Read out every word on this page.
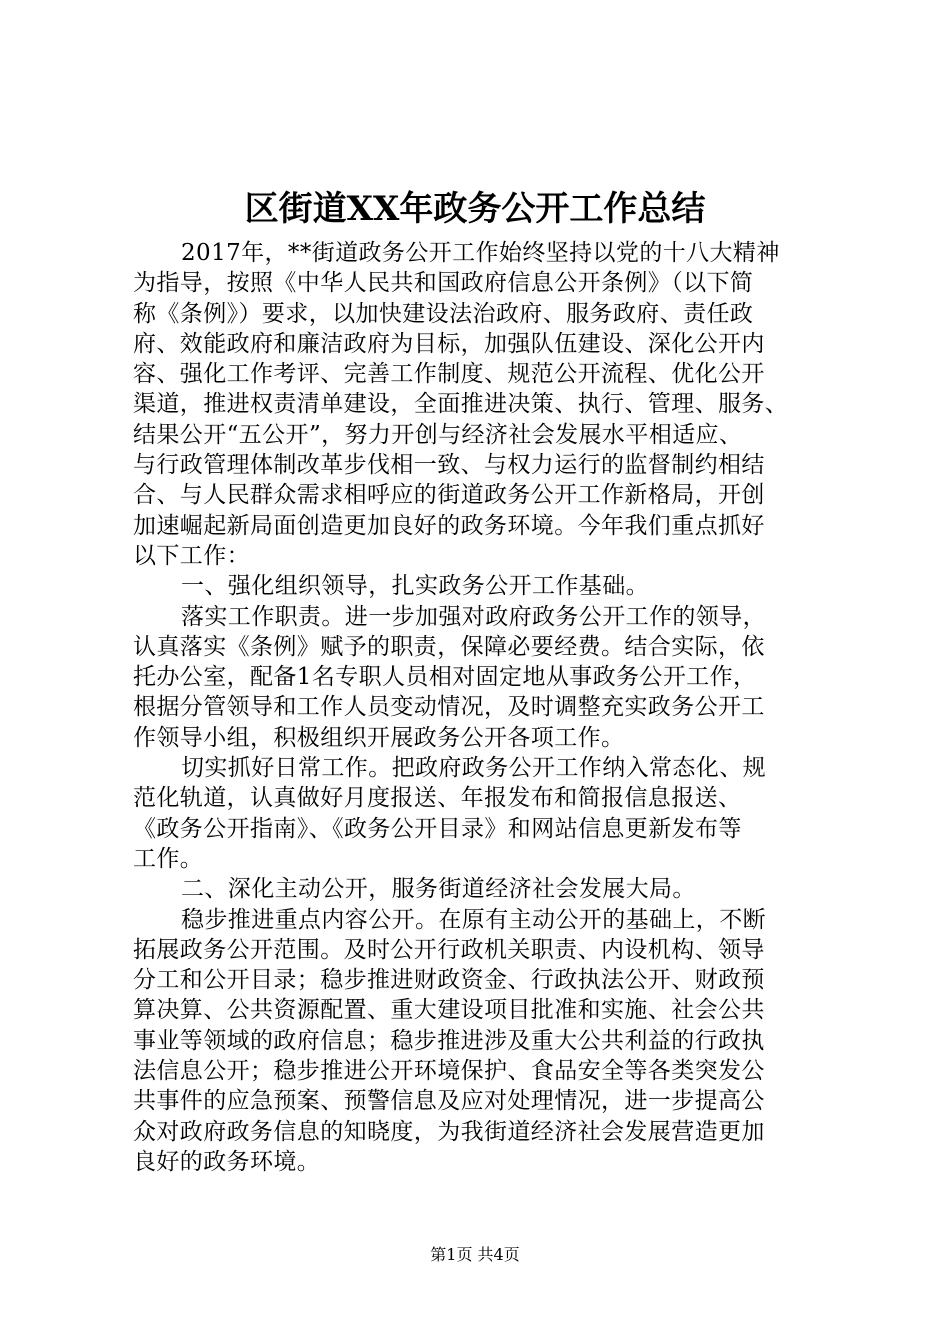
区街道XX年政务公开工作总结
2017年，**街道政务公开工作始终坚持以党的十八大精神
为指导，按照《中华人民共和国政府信息公开条例》（以下简
称《条例》）要求，以加快建设法治政府、服务政府、责任政
府、效能政府和廉洁政府为目标，加强队伍建设、深化公开内
容、强化工作考评、完善工作制度、规范公开流程、优化公开
渠道，推进权责清单建设，全面推进决策、执行、管理、服务、
结果公开“五公开”，努力开创与经济社会发展水平相适应、
与行政管理体制改革步伐相一致、与权力运行的监督制约相结
合、与人民群众需求相呼应的街道政务公开工作新格局，开创
加速崛起新局面创造更加良好的政务环境。今年我们重点抓好
以下工作：
一、强化组织领导，扎实政务公开工作基础。
落实工作职责。进一步加强对政府政务公开工作的领导，
认真落实《条例》赋予的职责，保障必要经费。结合实际，依
托办公室，配备1名专职人员相对固定地从事政务公开工作，
根据分管领导和工作人员变动情况，及时调整充实政务公开工
作领导小组，积极组织开展政务公开各项工作。
切实抓好日常工作。把政府政务公开工作纳入常态化、规
范化轨道，认真做好月度报送、年报发布和简报信息报送、
《政务公开指南》、《政务公开目录》和网站信息更新发布等
工作。
二、深化主动公开，服务街道经济社会发展大局。
稳步推进重点内容公开。在原有主动公开的基础上，不断
拓展政务公开范围。及时公开行政机关职责、内设机构、领导
分工和公开目录；稳步推进财政资金、行政执法公开、财政预
算决算、公共资源配置、重大建设项目批准和实施、社会公共
事业等领域的政府信息；稳步推进涉及重大公共利益的行政执
法信息公开；稳步推进公开环境保护、食品安全等各类突发公
共事件的应急预案、预警信息及应对处理情况，进一步提高公
众对政府政务信息的知晓度，为我街道经济社会发展营造更加
良好的政务环境。
第1页 共4页
